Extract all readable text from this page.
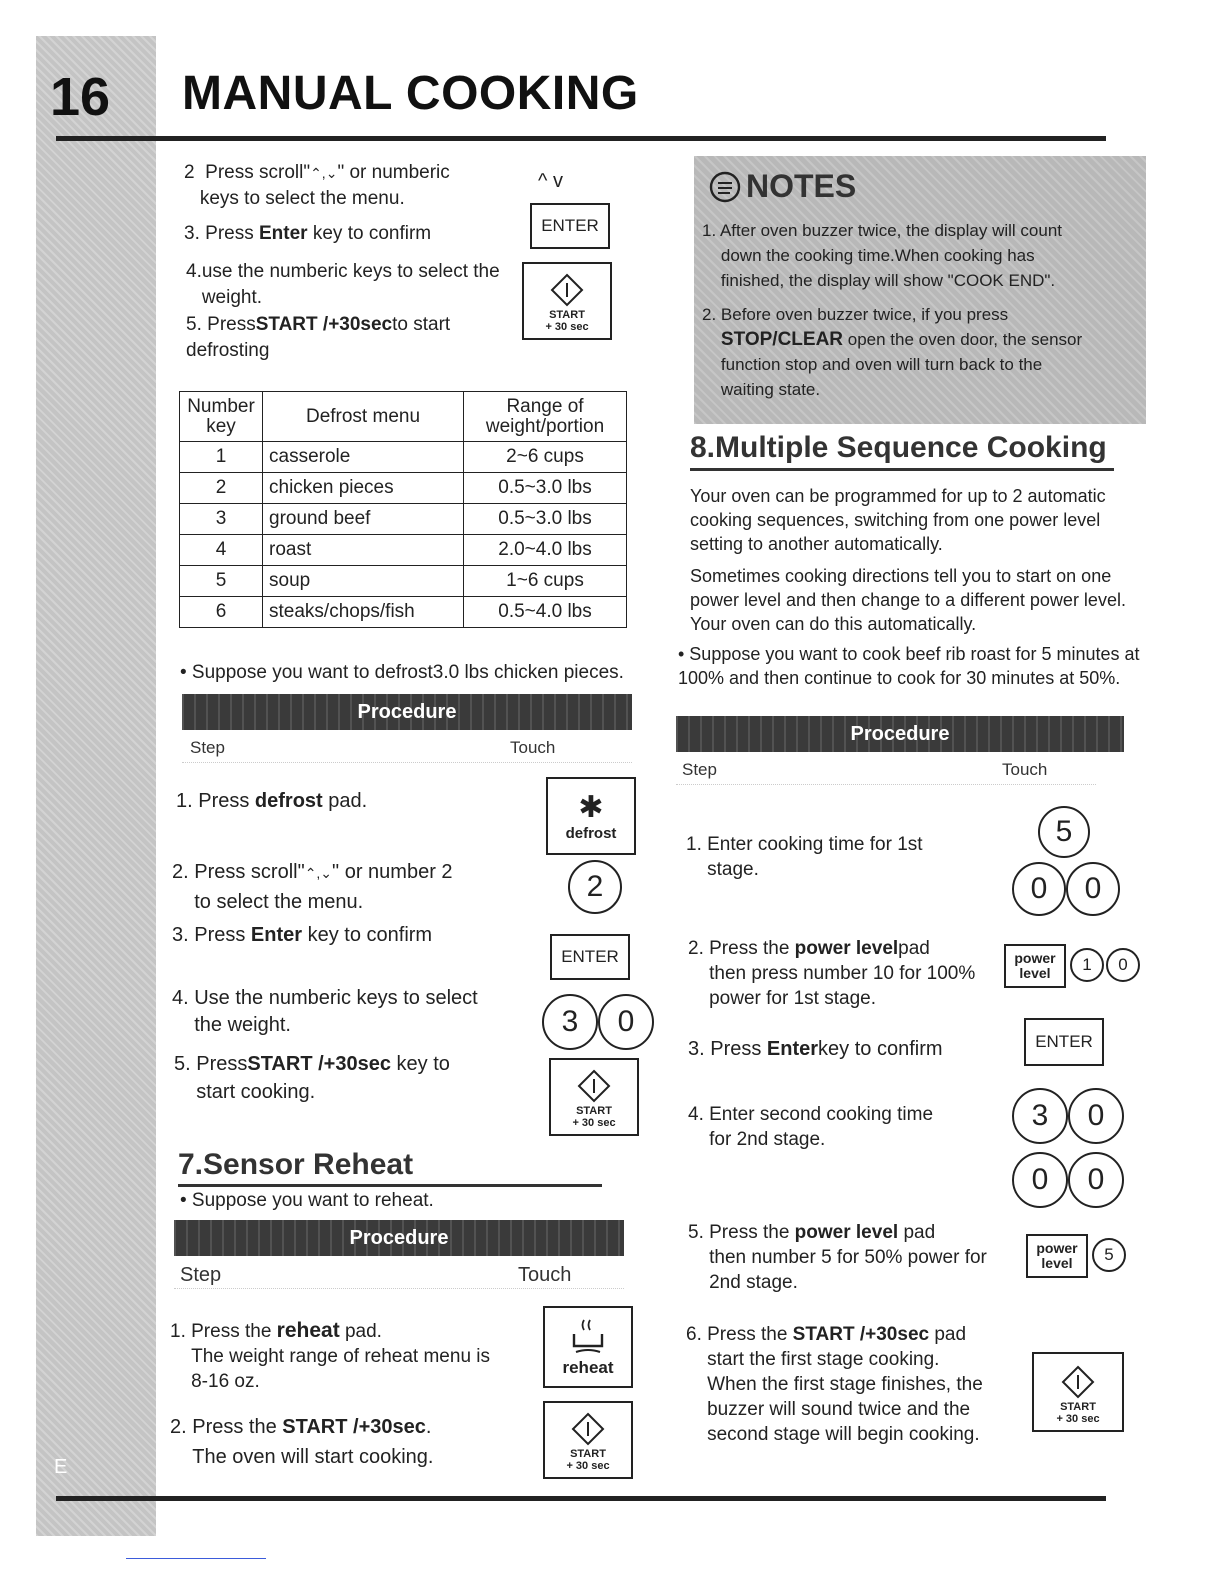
16 MANUAL COOKING
E
2 Press scroll"⌃,⌄" or numberic
keys to select the menu.
^ v
3. Press Enter key to confirm	ENTER
4.use the numberic keys to select the
weight.
5. PressSTART /+30secto start
defrosting
START
+ 30 sec
Number key	Defrost menu	Range of weight/portion
1	casserole	2~6 cups
2	chicken pieces	0.5~3.0 lbs
3	ground beef	0.5~3.0 lbs
4	roast	2.0~4.0 lbs
5	soup	1~6 cups
6	steaks/chops/fish	0.5~4.0 lbs
• Suppose you want to defrost3.0 lbs chicken pieces.
Procedure
Step	Touch
1. Press defrost pad.	✱
defrost
2. Press scroll"⌃,⌄" or number 2
to select the menu.	2
3. Press Enter key to confirm
ENTER
4. Use the numberic keys to select
the weight.	3	0
5. PressSTART /+30sec key to
start cooking.
START
+ 30 sec
7.Sensor Reheat
• Suppose you want to reheat.
Procedure
Step	Touch
1. Press the reheat pad.
The weight range of reheat menu is
8-16 oz.
reheat
2. Press the START /+30sec.
The oven will start cooking.	START
+ 30 sec
NOTES
1. After oven buzzer twice, the display will count
down the cooking time.When cooking has
finished, the display will show "COOK END".
2. Before oven buzzer twice, if you press
STOP/CLEAR open the oven door, the sensor
function stop and oven will turn back to the
waiting state.
8.Multiple Sequence Cooking
Your oven can be programmed for up to 2 automatic cooking sequences, switching from one power level setting to another automatically.
Sometimes cooking directions tell you to start on one power level and then change to a different power level. Your oven can do this automatically.
• Suppose you want to cook beef rib roast for 5 minutes at 100% and then continue to cook for 30 minutes at 50%.
Procedure
Step	Touch
1. Enter cooking time for 1st
stage.
5
0	0
2. Press the power levelpad
then press number 10 for 100%
power for 1st stage.
power
level	1	0
3. Press Enterkey to confirm	ENTER
4. Enter second cooking time
for 2nd stage.
3	0
0	0
5. Press the power level pad
then number 5 for 50% power for
2nd stage.
power
level	5
6. Press the START /+30sec pad
start the first stage cooking.
When the first stage finishes, the
buzzer will sound twice and the
second stage will begin cooking.
START
+ 30 sec
